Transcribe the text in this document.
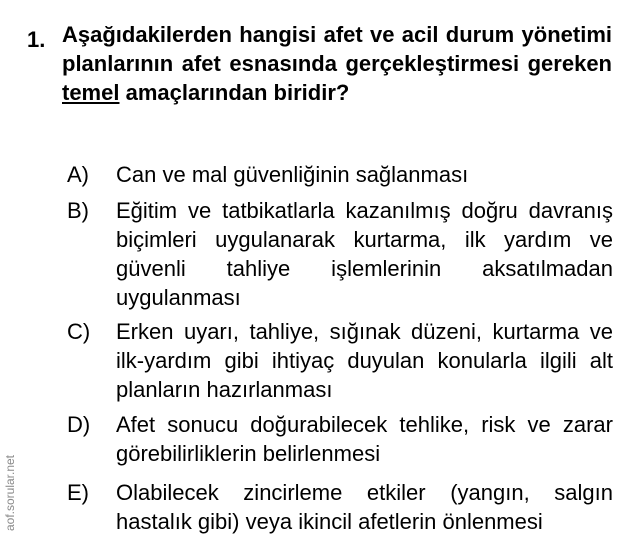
1. Aşağıdakilerden hangisi afet ve acil durum yönetimi planlarının afet esnasında gerçekleştirmesi gereken temel amaçlarından biridir?
A) Can ve mal güvenliğinin sağlanması
B) Eğitim ve tatbikatlarla kazanılmış doğru davranış biçimleri uygulanarak kurtarma, ilk yardım ve güvenli tahliye işlemlerinin aksatılmadan uygulanması
C) Erken uyarı, tahliye, sığınak düzeni, kurtarma ve ilk-yardım gibi ihtiyaç duyulan konularla ilgili alt planların hazırlanması
D) Afet sonucu doğurabilecek tehlike, risk ve zarar görebilirliklerin belirlenmesi
E) Olabilecek zincirleme etkiler (yangın, salgın hastalık gibi) veya ikincil afetlerin önlenmesi
aof.sorular.net
